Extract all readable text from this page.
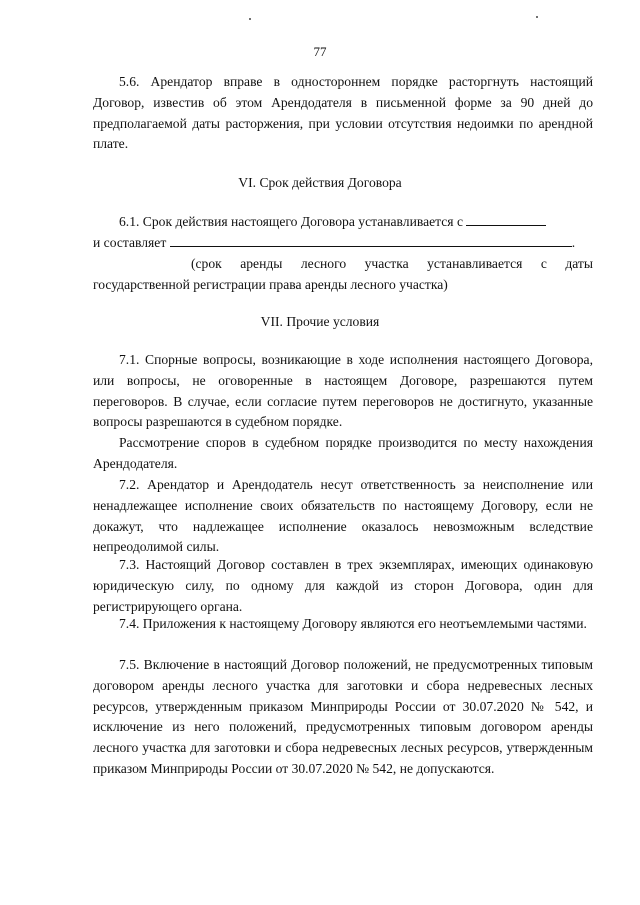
77

5.6. Арендатор вправе в одностороннем порядке расторгнуть настоящий Договор, известив об этом Арендодателя в письменной форме за 90 дней до предполагаемой даты расторжения, при условии отсутствия недоимки по арендной плате.

VI. Срок действия Договора

6.1. Срок действия настоящего Договора устанавливается с
и составляет	.

(срок аренды лесного участка устанавливается с даты государственной регистрации права аренды лесного участка)

VII. Прочие условия

7.1. Спорные вопросы, возникающие в ходе исполнения настоящего Договора, или вопросы, не оговоренные в настоящем Договоре, разрешаются путем переговоров. В случае, если согласие путем переговоров не достигнуто, указанные вопросы разрешаются в судебном порядке.

Рассмотрение споров в судебном порядке производится по месту нахождения Арендодателя.

7.2. Арендатор и Арендодатель несут ответственность за неисполнение или ненадлежащее исполнение своих обязательств по настоящему Договору, если не докажут, что надлежащее исполнение оказалось невозможным вследствие непреодолимой силы.

7.3. Настоящий Договор составлен в трех экземплярах, имеющих одинаковую юридическую силу, по одному для каждой из сторон Договора, один для регистрирующего органа.

7.4. Приложения к настоящему Договору являются его неотъемлемыми частями.

7.5. Включение в настоящий Договор положений, не предусмотренных типовым договором аренды лесного участка для заготовки и сбора недревесных лесных ресурсов, утвержденным приказом Минприроды России от 30.07.2020 № 542, и исключение из него положений, предусмотренных типовым договором аренды лесного участка для заготовки и сбора недревесных лесных ресурсов, утвержденным приказом Минприроды России от 30.07.2020 № 542, не допускаются.
